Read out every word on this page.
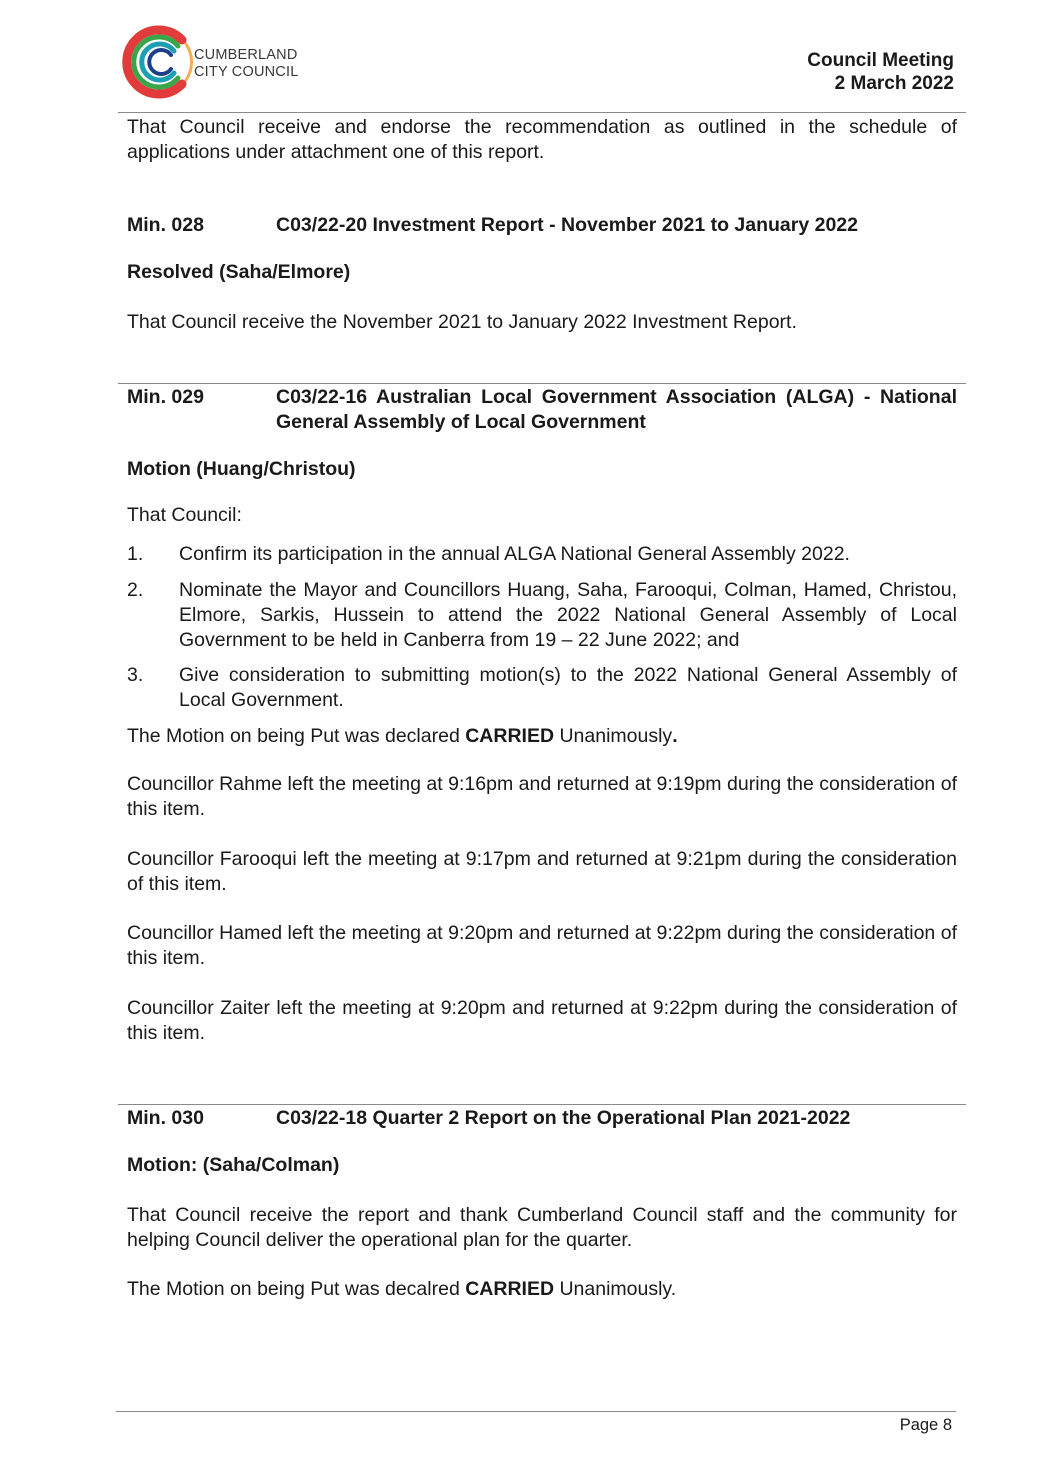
CUMBERLAND
CITY COUNCIL
Council Meeting
2 March 2022
That Council receive and endorse the recommendation as outlined in the schedule of applications under attachment one of this report.
Min. 028	C03/22-20 Investment Report - November 2021 to January 2022
Resolved (Saha/Elmore)
That Council receive the November 2021 to January 2022 Investment Report.
Min. 029	C03/22-16 Australian Local Government Association (ALGA) - National General Assembly of Local Government
Motion (Huang/Christou)
That Council:
1. Confirm its participation in the annual ALGA National General Assembly 2022.
2. Nominate the Mayor and Councillors Huang, Saha, Farooqui, Colman, Hamed, Christou, Elmore, Sarkis, Hussein to attend the 2022 National General Assembly of Local Government to be held in Canberra from 19 – 22 June 2022; and
3. Give consideration to submitting motion(s) to the 2022 National General Assembly of Local Government.
The Motion on being Put was declared CARRIED Unanimously.
Councillor Rahme left the meeting at 9:16pm and returned at 9:19pm during the consideration of this item.
Councillor Farooqui left the meeting at 9:17pm and returned at 9:21pm during the consideration of this item.
Councillor Hamed left the meeting at 9:20pm and returned at 9:22pm during the consideration of this item.
Councillor Zaiter left the meeting at 9:20pm and returned at 9:22pm during the consideration of this item.
Min. 030	C03/22-18 Quarter 2 Report on the Operational Plan 2021-2022
Motion: (Saha/Colman)
That Council receive the report and thank Cumberland Council staff and the community for helping Council deliver the operational plan for the quarter.
The Motion on being Put was decalred CARRIED Unanimously.
Page 8
